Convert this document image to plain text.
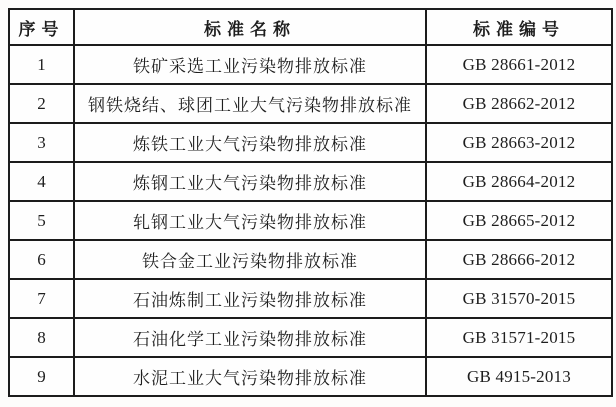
序号	标准名称	标准编号
1	铁矿采选工业污染物排放标准	GB 28661-2012
2	钢铁烧结、球团工业大气污染物排放标准	GB 28662-2012
3	炼铁工业大气污染物排放标准	GB 28663-2012
4	炼钢工业大气污染物排放标准	GB 28664-2012
5	轧钢工业大气污染物排放标准	GB 28665-2012
6	铁合金工业污染物排放标准	GB 28666-2012
7	石油炼制工业污染物排放标准	GB 31570-2015
8	石油化学工业污染物排放标准	GB 31571-2015
9	水泥工业大气污染物排放标准	GB 4915-2013
